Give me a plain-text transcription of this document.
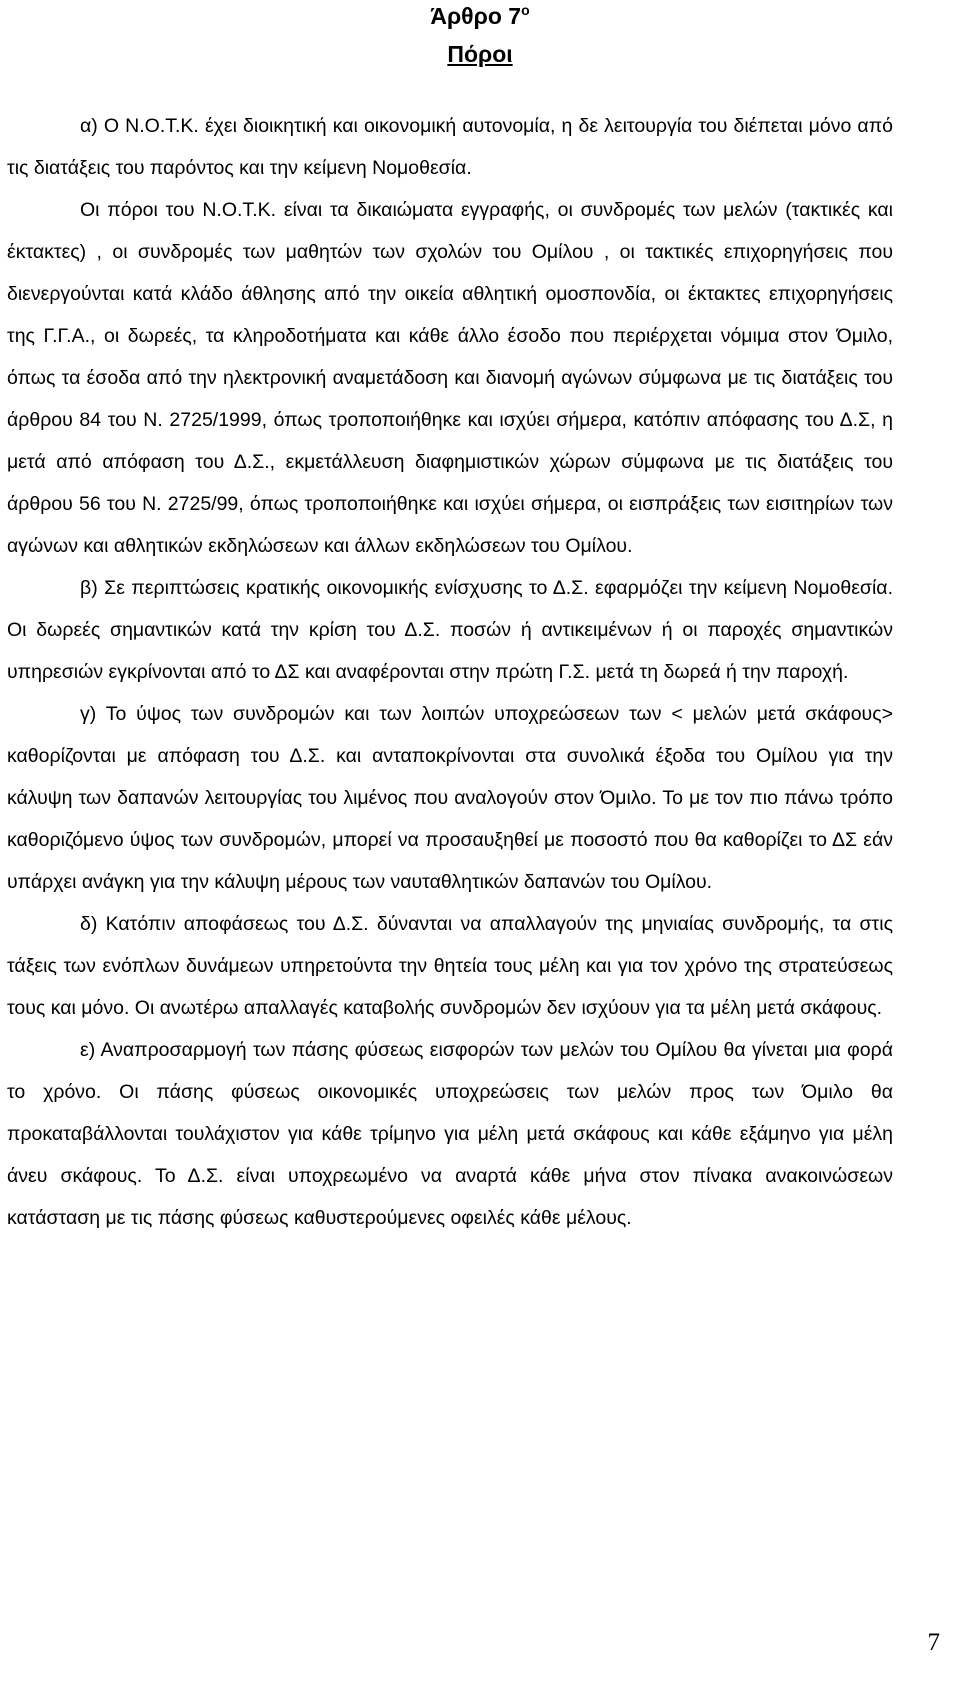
Άρθρο $7^o$
Πόροι

α) Ο Ν.Ο.Τ.Κ. έχει διοικητική και οικονομική αυτονομία, η δε λειτουργία του διέπεται μόνο από τις διατάξεις του παρόντος και την κείμενη Νομοθεσία.

Οι πόροι του Ν.Ο.Τ.Κ. είναι τα δικαιώματα εγγραφής, οι συνδρομές των μελών (τακτικές και έκτακτες) , οι συνδρομές των μαθητών των σχολών του Ομίλου , οι τακτικές επιχορηγήσεις που διενεργούνται κατά κλάδο άθλησης από την οικεία αθλητική ομοσπονδία, οι έκτακτες επιχορηγήσεις της Γ.Γ.Α., οι δωρεές, τα κληροδοτήματα και κάθε άλλο έσοδο που περιέρχεται νόμιμα στον Όμιλο, όπως τα έσοδα από την ηλεκτρονική αναμετάδοση και διανομή αγώνων σύμφωνα με τις διατάξεις του άρθρου 84 του Ν. 2725/1999, όπως τροποποιήθηκε και ισχύει σήμερα, κατόπιν απόφασης του Δ.Σ, η μετά από απόφαση του Δ.Σ., εκμετάλλευση διαφημιστικών χώρων σύμφωνα με τις διατάξεις του άρθρου 56 του Ν. 2725/99, όπως τροποποιήθηκε και ισχύει σήμερα, οι εισπράξεις των εισιτηρίων των αγώνων και αθλητικών εκδηλώσεων και άλλων εκδηλώσεων του Ομίλου.

β) Σε περιπτώσεις κρατικής οικονομικής ενίσχυσης το Δ.Σ. εφαρμόζει την κείμενη Νομοθεσία. Οι δωρεές σημαντικών κατά την κρίση του Δ.Σ. ποσών ή αντικειμένων ή οι παροχές σημαντικών υπηρεσιών εγκρίνονται από το ΔΣ και αναφέρονται στην πρώτη Γ.Σ. μετά τη δωρεά ή την παροχή.

γ) Το ύψος των συνδρομών και των λοιπών υποχρεώσεων των < μελών μετά σκάφους> καθορίζονται με απόφαση του Δ.Σ. και ανταποκρίνονται στα συνολικά έξοδα του Ομίλου για την κάλυψη των δαπανών λειτουργίας του λιμένος που αναλογούν στον Όμιλο. Το με τον πιο πάνω τρόπο καθοριζόμενο ύψος των συνδρομών, μπορεί να προσαυξηθεί με ποσοστό που θα καθορίζει το ΔΣ εάν υπάρχει ανάγκη για την κάλυψη μέρους των ναυταθλητικών δαπανών του Ομίλου.

δ) Κατόπιν αποφάσεως του Δ.Σ. δύνανται να απαλλαγούν της μηνιαίας συνδρομής, τα στις τάξεις των ενόπλων δυνάμεων υπηρετούντα την θητεία τους μέλη και για τον χρόνο της στρατεύσεως τους και μόνο. Οι ανωτέρω απαλλαγές καταβολής συνδρομών δεν ισχύουν για τα μέλη μετά σκάφους.

ε) Αναπροσαρμογή των πάσης φύσεως εισφορών των μελών του Ομίλου θα γίνεται μια φορά το χρόνο. Οι πάσης φύσεως οικονομικές υποχρεώσεις των μελών προς των Όμιλο θα προκαταβάλλονται τουλάχιστον για κάθε τρίμηνο για μέλη μετά σκάφους και κάθε εξάμηνο για μέλη άνευ σκάφους. Το Δ.Σ. είναι υποχρεωμένο να αναρτά κάθε μήνα στον πίνακα ανακοινώσεων κατάσταση με τις πάσης φύσεως καθυστερούμενες οφειλές κάθε μέλους.

7
